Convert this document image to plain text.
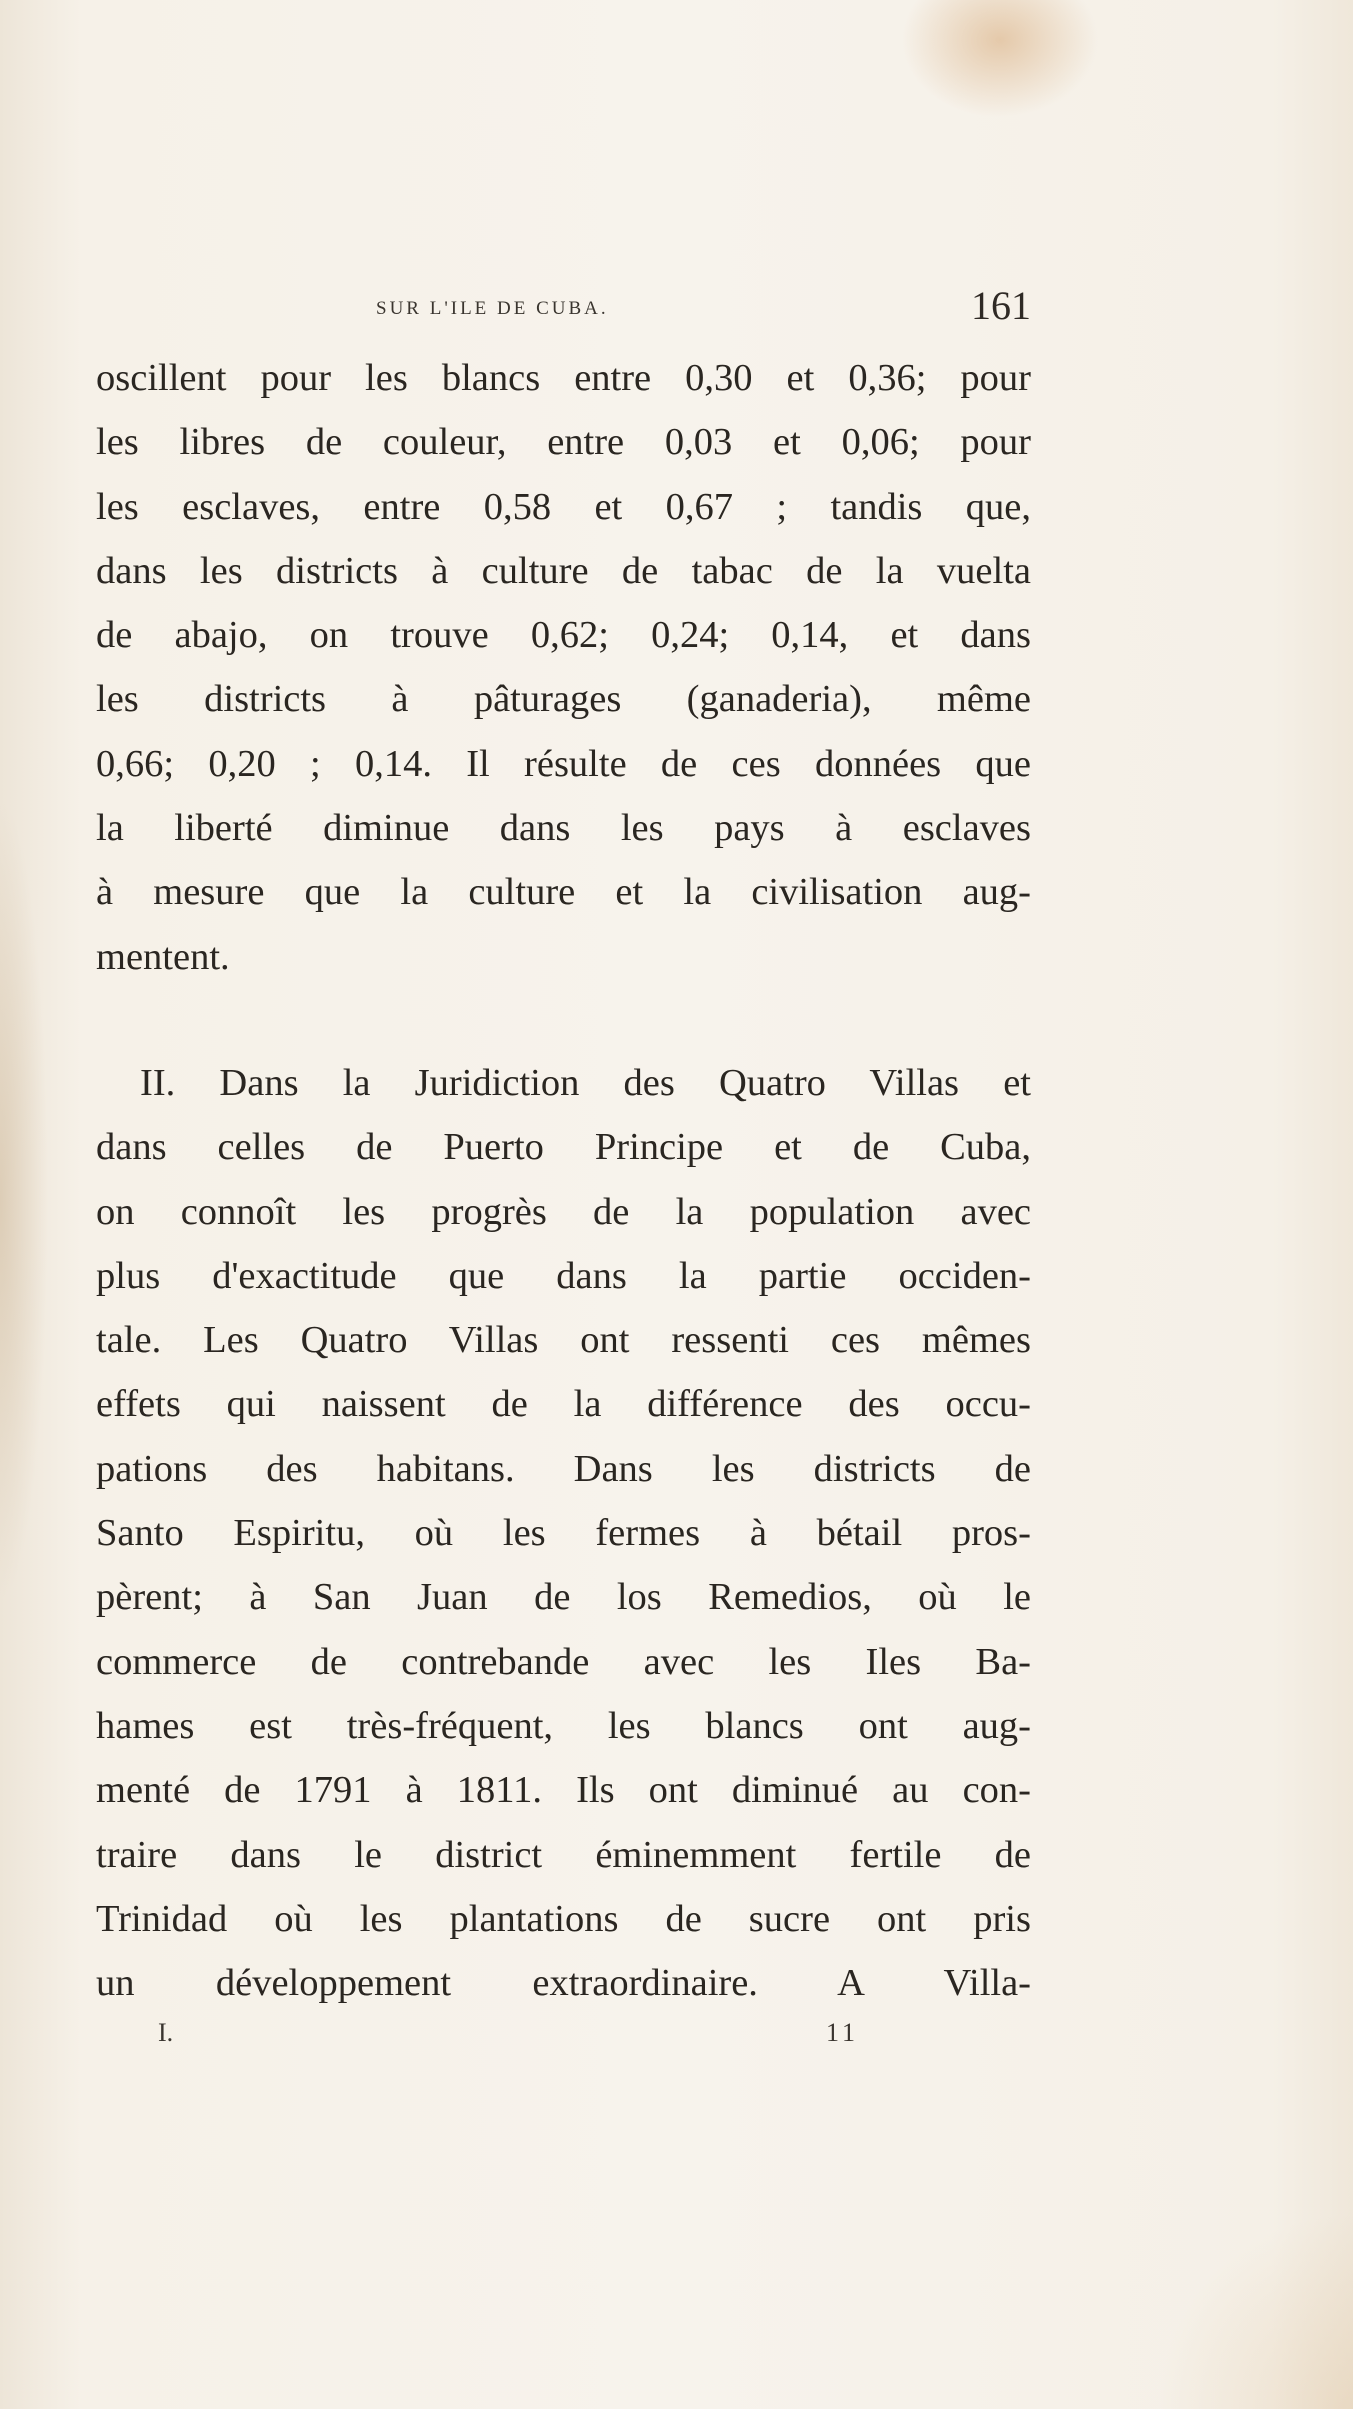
sur l'ile de cuba.	161
oscillent pour les blancs entre 0,30 et 0,36; pour
les libres de couleur, entre 0,03 et 0,06; pour
les esclaves, entre 0,58 et 0,67 ; tandis que,
dans les districts à culture de tabac de la vuelta
de abajo, on trouve 0,62; 0,24; 0,14, et dans
les districts à pâturages (ganaderia), même
0,66; 0,20 ; 0,14. Il résulte de ces données que
la liberté diminue dans les pays à esclaves
à mesure que la culture et la civilisation aug-
mentent.
II. Dans la Juridiction des Quatro Villas et
dans celles de Puerto Principe et de Cuba,
on connoît les progrès de la population avec
plus d'exactitude que dans la partie occiden-
tale. Les Quatro Villas ont ressenti ces mêmes
effets qui naissent de la différence des occu-
pations des habitans. Dans les districts de
Santo Espiritu, où les fermes à bétail pros-
pèrent; à San Juan de los Remedios, où le
commerce de contrebande avec les Iles Ba-
hames est très-fréquent, les blancs ont aug-
menté de 1791 à 1811. Ils ont diminué au con-
traire dans le district éminemment fertile de
Trinidad où les plantations de sucre ont pris
un développement extraordinaire. A Villa-
I.	11
